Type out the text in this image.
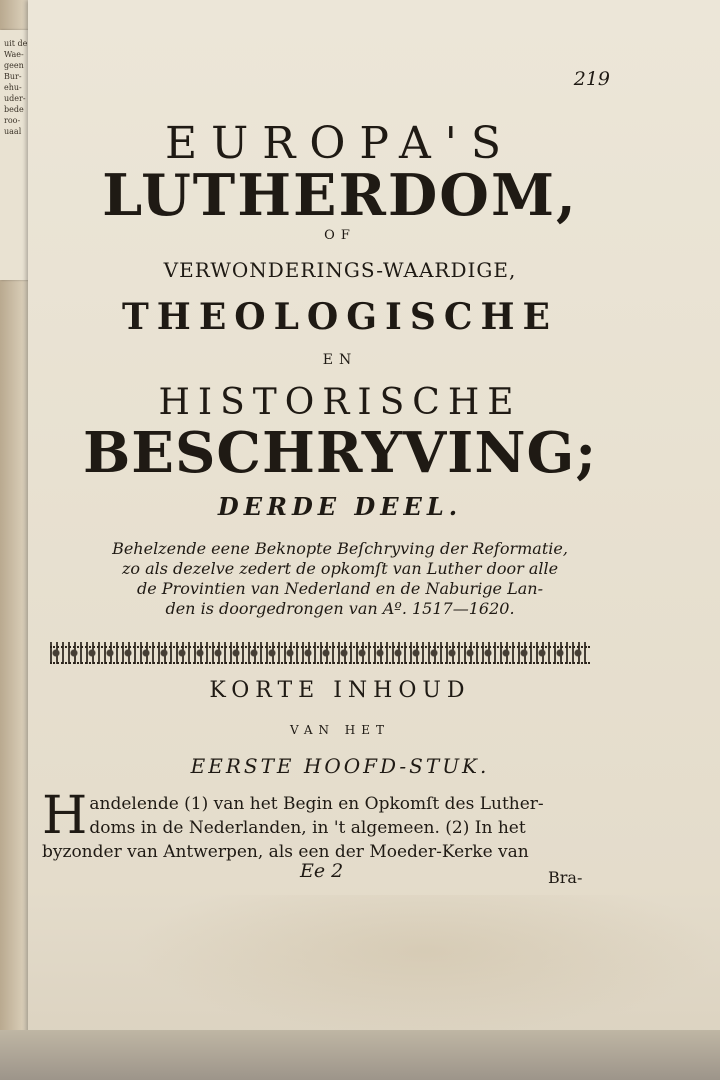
uit de
Wae-
geen
Bur-
ehu-
uder-
bede
roo-
uaal
219
EUROPA'S
LUTHERDOM,
OF
VERWONDERINGS-WAARDIGE,
THEOLOGISCHE
EN
HISTORISCHE
BESCHRYVING;
DERDE DEEL.
Behelzende eene Beknopte Beſchryving der Reformatie,
zo als dezelve zedert de opkomſt van Luther door alle
de Provintien van Nederland en de Naburige Lan-
den is doorgedrongen van Aº. 1517—1620.
KORTE INHOUD
VAN HET
EERSTE HOOFD-STUK.
H andelende (1) van het Begin en Opkomſt des Luther-
doms in de Nederlanden, in 't algemeen. (2) In het
byzonder van Antwerpen, als een der Moeder-Kerke van
Ee 2	Bra-
